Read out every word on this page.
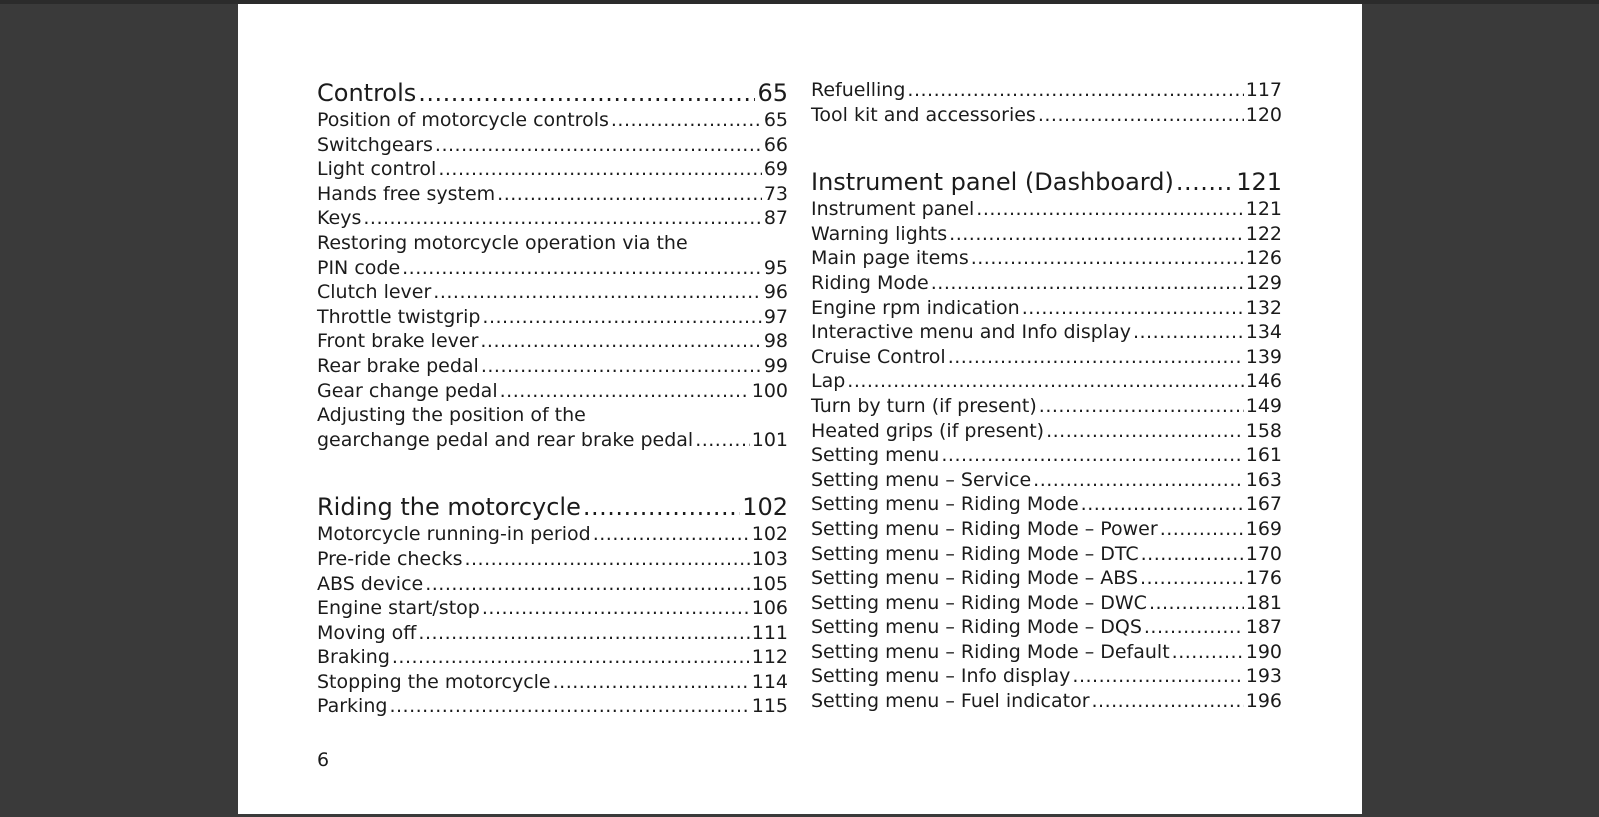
Controls .....	65
Position of motorcycle controls .....	65
Switchgears .....	66
Light control .....	69
Hands free system .....	73
Keys .....	87
Restoring motorcycle operation via the
PIN code .....	95
Clutch lever .....	96
Throttle twistgrip .....	97
Front brake lever .....	98
Rear brake pedal .....	99
Gear change pedal .....	100
Adjusting the position of the
gearchange pedal and rear brake pedal .....	101
Riding the motorcycle .....	102
Motorcycle running-in period .....	102
Pre-ride checks .....	103
ABS device .....	105
Engine start/stop .....	106
Moving off .....	111
Braking .....	112
Stopping the motorcycle .....	114
Parking .....	115
Refuelling .....	117
Tool kit and accessories .....	120
Instrument panel (Dashboard) .....	121
Instrument panel .....	121
Warning lights .....	122
Main page items .....	126
Riding Mode .....	129
Engine rpm indication .....	132
Interactive menu and Info display .....	134
Cruise Control .....	139
Lap .....	146
Turn by turn (if present) .....	149
Heated grips (if present) .....	158
Setting menu .....	161
Setting menu – Service .....	163
Setting menu – Riding Mode .....	167
Setting menu – Riding Mode – Power .....	169
Setting menu – Riding Mode – DTC .....	170
Setting menu – Riding Mode – ABS .....	176
Setting menu – Riding Mode – DWC .....	181
Setting menu – Riding Mode – DQS .....	187
Setting menu – Riding Mode – Default .....	190
Setting menu – Info display .....	193
Setting menu – Fuel indicator .....	196
6
